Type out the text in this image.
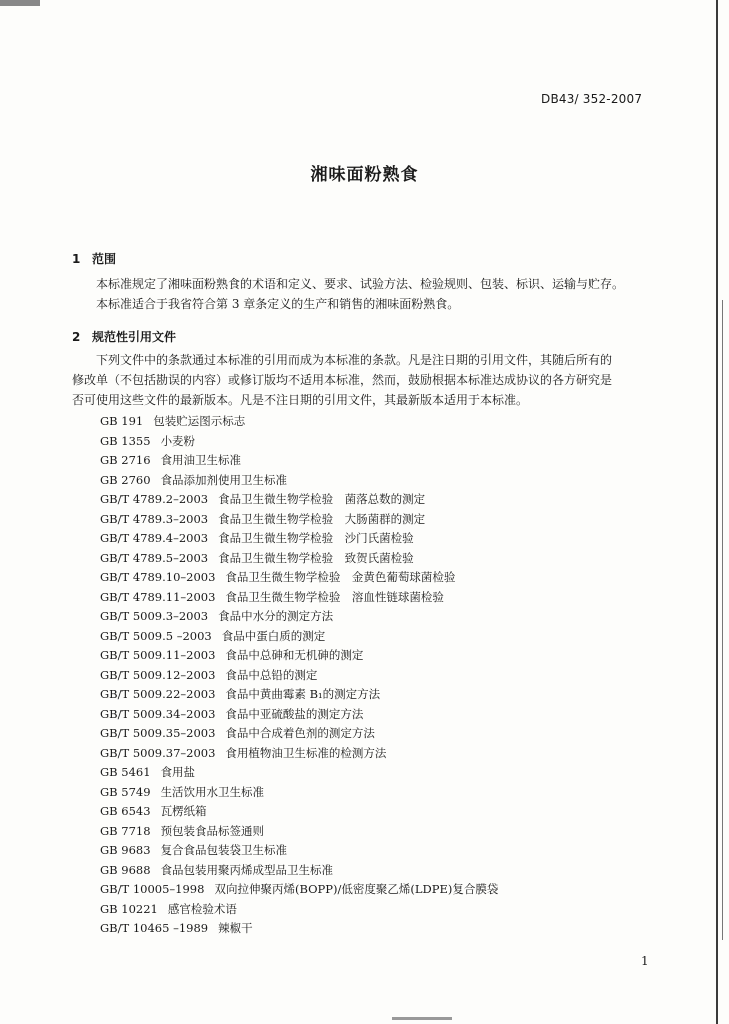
DB43/ 352-2007
湘味面粉熟食
1 范围
本标准规定了湘味面粉熟食的术语和定义、要求、试验方法、检验规则、包装、标识、运输与贮存。
本标准适合于我省符合第 3 章条定义的生产和销售的湘味面粉熟食。
2 规范性引用文件
下列文件中的条款通过本标准的引用而成为本标准的条款。凡是注日期的引用文件，其随后所有的
修改单（不包括勘误的内容）或修订版均不适用本标准，然而，鼓励根据本标准达成协议的各方研究是
否可使用这些文件的最新版本。凡是不注日期的引用文件，其最新版本适用于本标准。
GB 191 包装贮运图示标志
GB 1355 小麦粉
GB 2716 食用油卫生标准
GB 2760 食品添加剂使用卫生标准
GB/T 4789.2–2003 食品卫生微生物学检验　菌落总数的测定
GB/T 4789.3–2003 食品卫生微生物学检验　大肠菌群的测定
GB/T 4789.4–2003 食品卫生微生物学检验　沙门氏菌检验
GB/T 4789.5–2003 食品卫生微生物学检验　致贺氏菌检验
GB/T 4789.10–2003 食品卫生微生物学检验　金黄色葡萄球菌检验
GB/T 4789.11–2003 食品卫生微生物学检验　溶血性链球菌检验
GB/T 5009.3–2003 食品中水分的测定方法
GB/T 5009.5 –2003 食品中蛋白质的测定
GB/T 5009.11–2003 食品中总砷和无机砷的测定
GB/T 5009.12–2003 食品中总铅的测定
GB/T 5009.22–2003 食品中黄曲霉素 B₁的测定方法
GB/T 5009.34–2003 食品中亚硫酸盐的测定方法
GB/T 5009.35–2003 食品中合成着色剂的测定方法
GB/T 5009.37–2003 食用植物油卫生标准的检测方法
GB 5461 食用盐
GB 5749 生活饮用水卫生标准
GB 6543 瓦楞纸箱
GB 7718 预包装食品标签通则
GB 9683 复合食品包装袋卫生标准
GB 9688 食品包装用聚丙烯成型品卫生标准
GB/T 10005–1998 双向拉伸聚丙烯(BOPP)/低密度聚乙烯(LDPE)复合膜袋
GB 10221 感官检验术语
GB/T 10465 –1989 辣椒干
1
